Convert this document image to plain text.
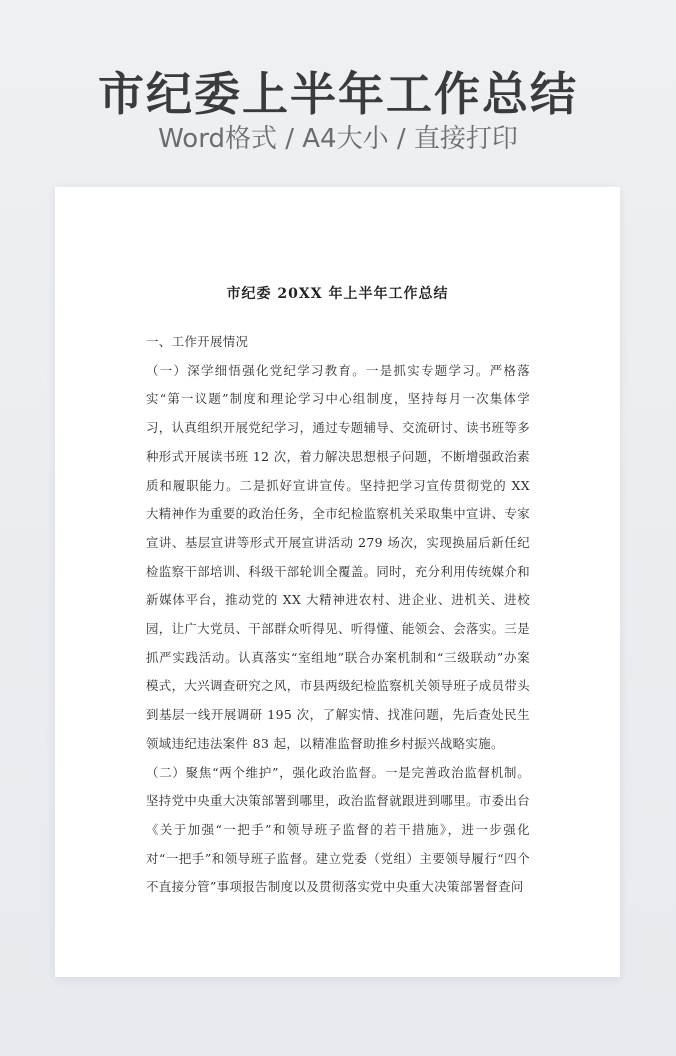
市纪委上半年工作总结
Word格式 / A4大小 / 直接打印
市纪委 20XX 年上半年工作总结

一、工作开展情况

（一）深学细悟强化党纪学习教育。一是抓实专题学习。严格落实“第一议题”制度和理论学习中心组制度，坚持每月一次集体学习，认真组织开展党纪学习，通过专题辅导、交流研讨、读书班等多种形式开展读书班 12 次，着力解决思想根子问题，不断增强政治素质和履职能力。二是抓好宣讲宣传。坚持把学习宣传贯彻党的 XX 大精神作为重要的政治任务，全市纪检监察机关采取集中宣讲、专家宣讲、基层宣讲等形式开展宣讲活动 279 场次，实现换届后新任纪检监察干部培训、科级干部轮训全覆盖。同时，充分利用传统媒介和新媒体平台，推动党的 XX 大精神进农村、进企业、进机关、进校园，让广大党员、干部群众听得见、听得懂、能领会、会落实。三是抓严实践活动。认真落实“室组地”联合办案机制和“三级联动”办案模式，大兴调查研究之风，市县两级纪检监察机关领导班子成员带头到基层一线开展调研 195 次，了解实情、找准问题，先后查处民生领域违纪违法案件 83 起，以精准监督助推乡村振兴战略实施。

（二）聚焦“两个维护”，强化政治监督。一是完善政治监督机制。坚持党中央重大决策部署到哪里，政治监督就跟进到哪里。市委出台《关于加强“一把手”和领导班子监督的若干措施》，进一步强化对“一把手”和领导班子监督。建立党委（党组）主要领导履行“四个不直接分管”事项报告制度以及贯彻落实党中央重大决策部署督查问
